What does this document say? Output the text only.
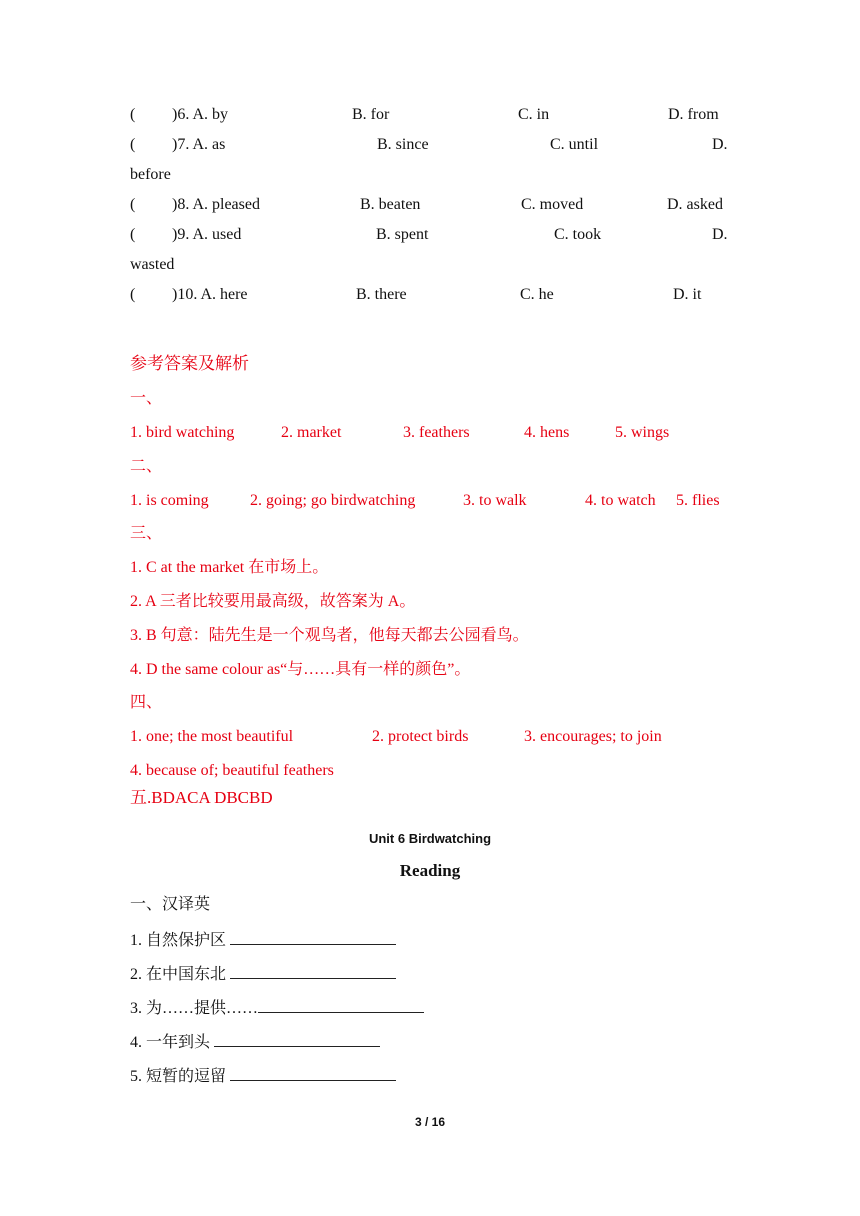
( )6. A. by	B. for	C. in	D. from
( )7. A. as	B. since	C. until	D.
before
( )8. A. pleased	B. beaten	C. moved	D. asked
( )9. A. used	B. spent	C. took	D.
wasted
( )10. A. here	B. there	C. he	D. it
参考答案及解析
一、
1. bird watching	2. market	3. feathers	4. hens	5. wings
二、
1. is coming	2. going; go birdwatching	3. to walk	4. to watch 5. flies
三、
1. C at the market 在市场上。
2. A 三者比较要用最高级，故答案为 A。
3. B 句意：陆先生是一个观鸟者，他每天都去公园看鸟。
4. D the same colour as“与……具有一样的颜色”。
四、
1. one; the most beautiful	2. protect birds	3. encourages; to join
4. because of; beautiful feathers
五.BDACA DBCBD
Unit 6 Birdwatching
Reading
一、汉译英
1. 自然保护区
2. 在中国东北
3. 为……提供……
4. 一年到头
5. 短暂的逗留
3 / 16
